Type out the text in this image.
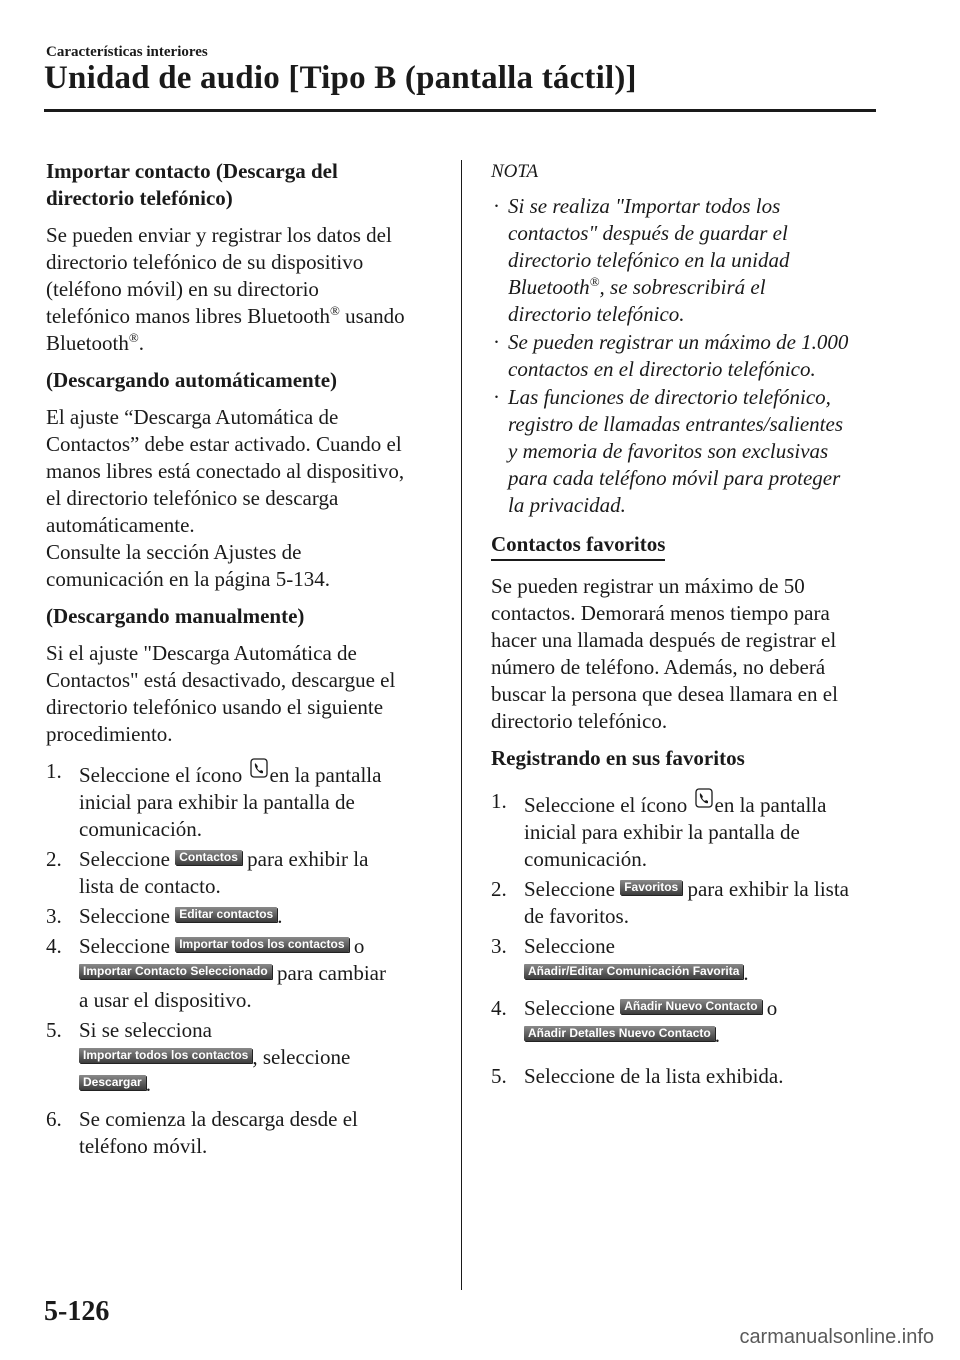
Características interiores
Unidad de audio [Tipo B (pantalla táctil)]
Importar contacto (Descarga del
directorio telefónico)
Se pueden enviar y registrar los datos del
directorio telefónico de su dispositivo
(teléfono móvil) en su directorio
telefónico manos libres Bluetooth® usando
Bluetooth®.
(Descargando automáticamente)
El ajuste “Descarga Automática de
Contactos” debe estar activado. Cuando el
manos libres está conectado al dispositivo,
el directorio telefónico se descarga
automáticamente.
Consulte la sección Ajustes de
comunicación en la página 5-134.
(Descargando manualmente)
Si el ajuste "Descarga Automática de
Contactos" está desactivado, descargue el
directorio telefónico usando el siguiente
procedimiento.
1. Seleccione el ícono en la pantalla
inicial para exhibir la pantalla de
comunicación.
2. Seleccione Contactos para exhibir la
lista de contacto.
3. Seleccione Editar contactos .
4. Seleccione Importar todos los contactos o
Importar Contacto Seleccionado para cambiar
a usar el dispositivo.
5. Si se selecciona
Importar todos los contactos , seleccione
Descargar .
6. Se comienza la descarga desde el
teléfono móvil.
NOTA
· Si se realiza "Importar todos los
contactos" después de guardar el
directorio telefónico en la unidad
Bluetooth®, se sobrescribirá el
directorio telefónico.
· Se pueden registrar un máximo de 1.000
contactos en el directorio telefónico.
· Las funciones de directorio telefónico,
registro de llamadas entrantes/salientes
y memoria de favoritos son exclusivas
para cada teléfono móvil para proteger
la privacidad.
Contactos favoritos
Se pueden registrar un máximo de 50
contactos. Demorará menos tiempo para
hacer una llamada después de registrar el
número de teléfono. Además, no deberá
buscar la persona que desea llamara en el
directorio telefónico.
Registrando en sus favoritos
1. Seleccione el ícono en la pantalla
inicial para exhibir la pantalla de
comunicación.
2. Seleccione Favoritos para exhibir la lista
de favoritos.
3. Seleccione
Añadir/Editar Comunicación Favorita .
4. Seleccione Añadir Nuevo Contacto o
Añadir Detalles Nuevo Contacto .
5. Seleccione de la lista exhibida.
5-126
carmanualsonline.info
